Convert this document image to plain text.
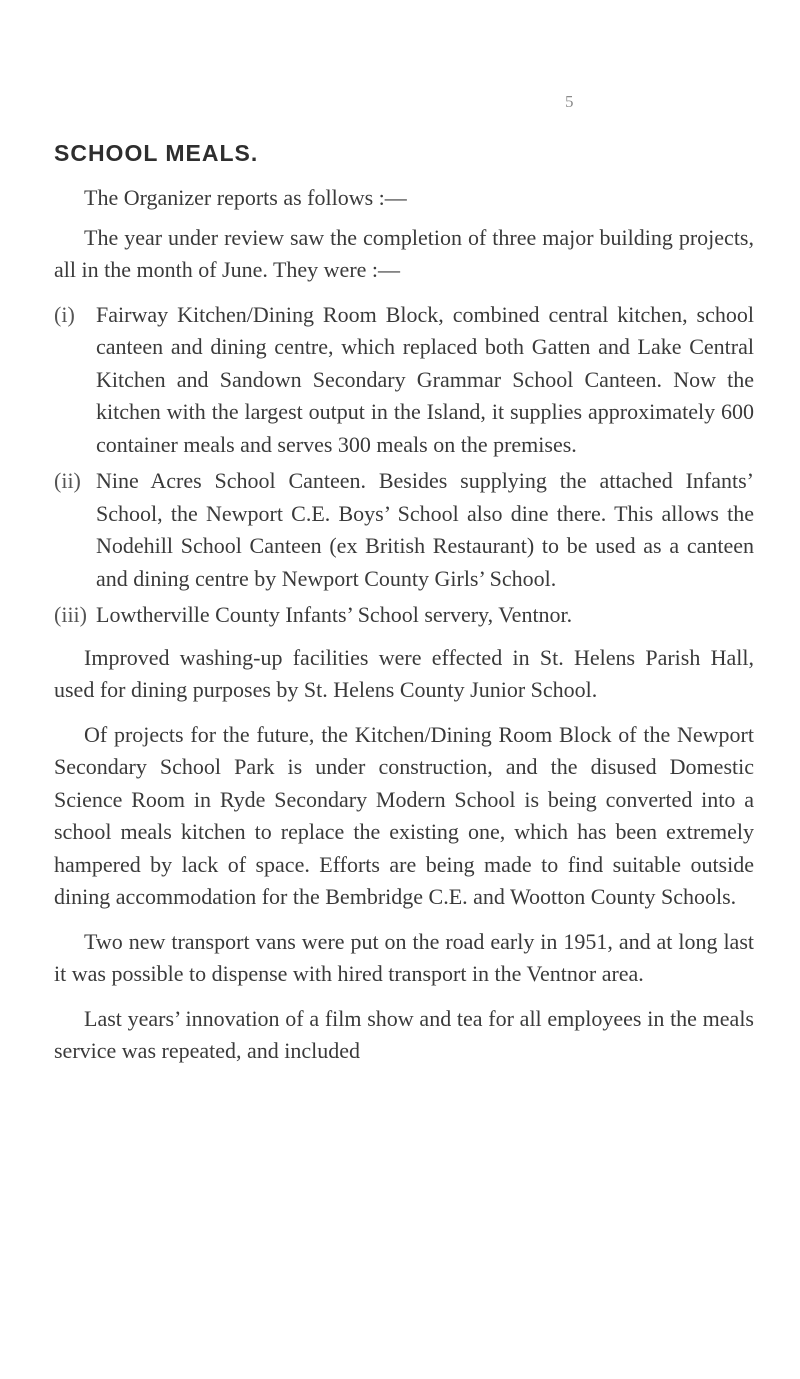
5
SCHOOL MEALS.

The Organizer reports as follows :—

The year under review saw the completion of three major building projects, all in the month of June. They were :—

(i) Fairway Kitchen/Dining Room Block, combined central kitchen, school canteen and dining centre, which replaced both Gatten and Lake Central Kitchen and Sandown Secondary Grammar School Canteen. Now the kitchen with the largest output in the Island, it supplies approximately 600 container meals and serves 300 meals on the premises.
(ii) Nine Acres School Canteen. Besides supplying the attached Infants’ School, the Newport C.E. Boys’ School also dine there. This allows the Nodehill School Canteen (ex British Restaurant) to be used as a canteen and dining centre by Newport County Girls’ School.
(iii) Lowtherville County Infants’ School servery, Ventnor.

Improved washing-up facilities were effected in St. Helens Parish Hall, used for dining purposes by St. Helens County Junior School.

Of projects for the future, the Kitchen/Dining Room Block of the Newport Secondary School Park is under construction, and the disused Domestic Science Room in Ryde Secondary Modern School is being converted into a school meals kitchen to replace the existing one, which has been extremely hampered by lack of space. Efforts are being made to find suitable outside dining accommodation for the Bembridge C.E. and Wootton County Schools.

Two new transport vans were put on the road early in 1951, and at long last it was possible to dispense with hired transport in the Ventnor area.

Last years’ innovation of a film show and tea for all employees in the meals service was repeated, and included
